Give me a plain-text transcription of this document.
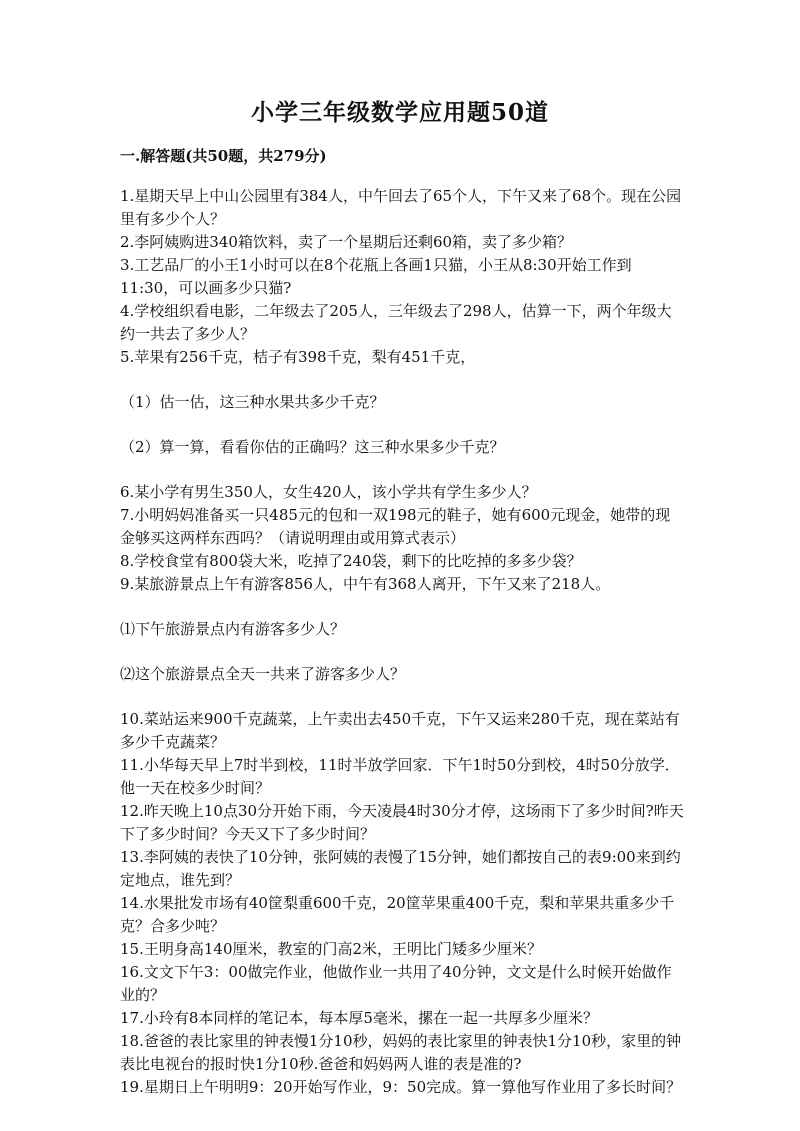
小学三年级数学应用题50道
一.解答题(共50题，共279分)

1.星期天早上中山公园里有384人，中午回去了65个人，下午又来了68个。现在公园里有多少个人？

2.李阿姨购进340箱饮料，卖了一个星期后还剩60箱，卖了多少箱？

3.工艺品厂的小王1小时可以在8个花瓶上各画1只猫，小王从8:30开始工作到11:30，可以画多少只猫?

4.学校组织看电影，二年级去了205人，三年级去了298人，估算一下，两个年级大约一共去了多少人？

5.苹果有256千克，桔子有398千克，梨有451千克，

（1）估一估，这三种水果共多少千克？

（2）算一算，看看你估的正确吗？这三种水果多少千克？

6.某小学有男生350人，女生420人，该小学共有学生多少人？

7.小明妈妈准备买一只485元的包和一双198元的鞋子，她有600元现金，她带的现金够买这两样东西吗？（请说明理由或用算式表示）

8.学校食堂有800袋大米，吃掉了240袋，剩下的比吃掉的多多少袋？

9.某旅游景点上午有游客856人，中午有368人离开，下午又来了218人。

⑴下午旅游景点内有游客多少人？

⑵这个旅游景点全天一共来了游客多少人？

10.菜站运来900千克蔬菜，上午卖出去450千克，下午又运来280千克，现在菜站有多少千克蔬菜？

11.小华每天早上7时半到校，11时半放学回家．下午1时50分到校，4时50分放学．他一天在校多少时间？

12.昨天晚上10点30分开始下雨，今天凌晨4时30分才停，这场雨下了多少时间?昨天下了多少时间？今天又下了多少时间？

13.李阿姨的表快了10分钟，张阿姨的表慢了15分钟，她们都按自己的表9:00来到约定地点，谁先到？

14.水果批发市场有40筐梨重600千克，20筐苹果重400千克，梨和苹果共重多少千克？合多少吨？

15.王明身高140厘米，教室的门高2米，王明比门矮多少厘米？

16.文文下午3：00做完作业，他做作业一共用了40分钟，文文是什么时候开始做作业的？

17.小玲有8本同样的笔记本，每本厚5毫米，摞在一起一共厚多少厘米？

18.爸爸的表比家里的钟表慢1分10秒，妈妈的表比家里的钟表快1分10秒，家里的钟表比电视台的报时快1分10秒.爸爸和妈妈两人谁的表是准的?

19.星期日上午明明9：20开始写作业，9：50完成。算一算他写作业用了多长时间？
